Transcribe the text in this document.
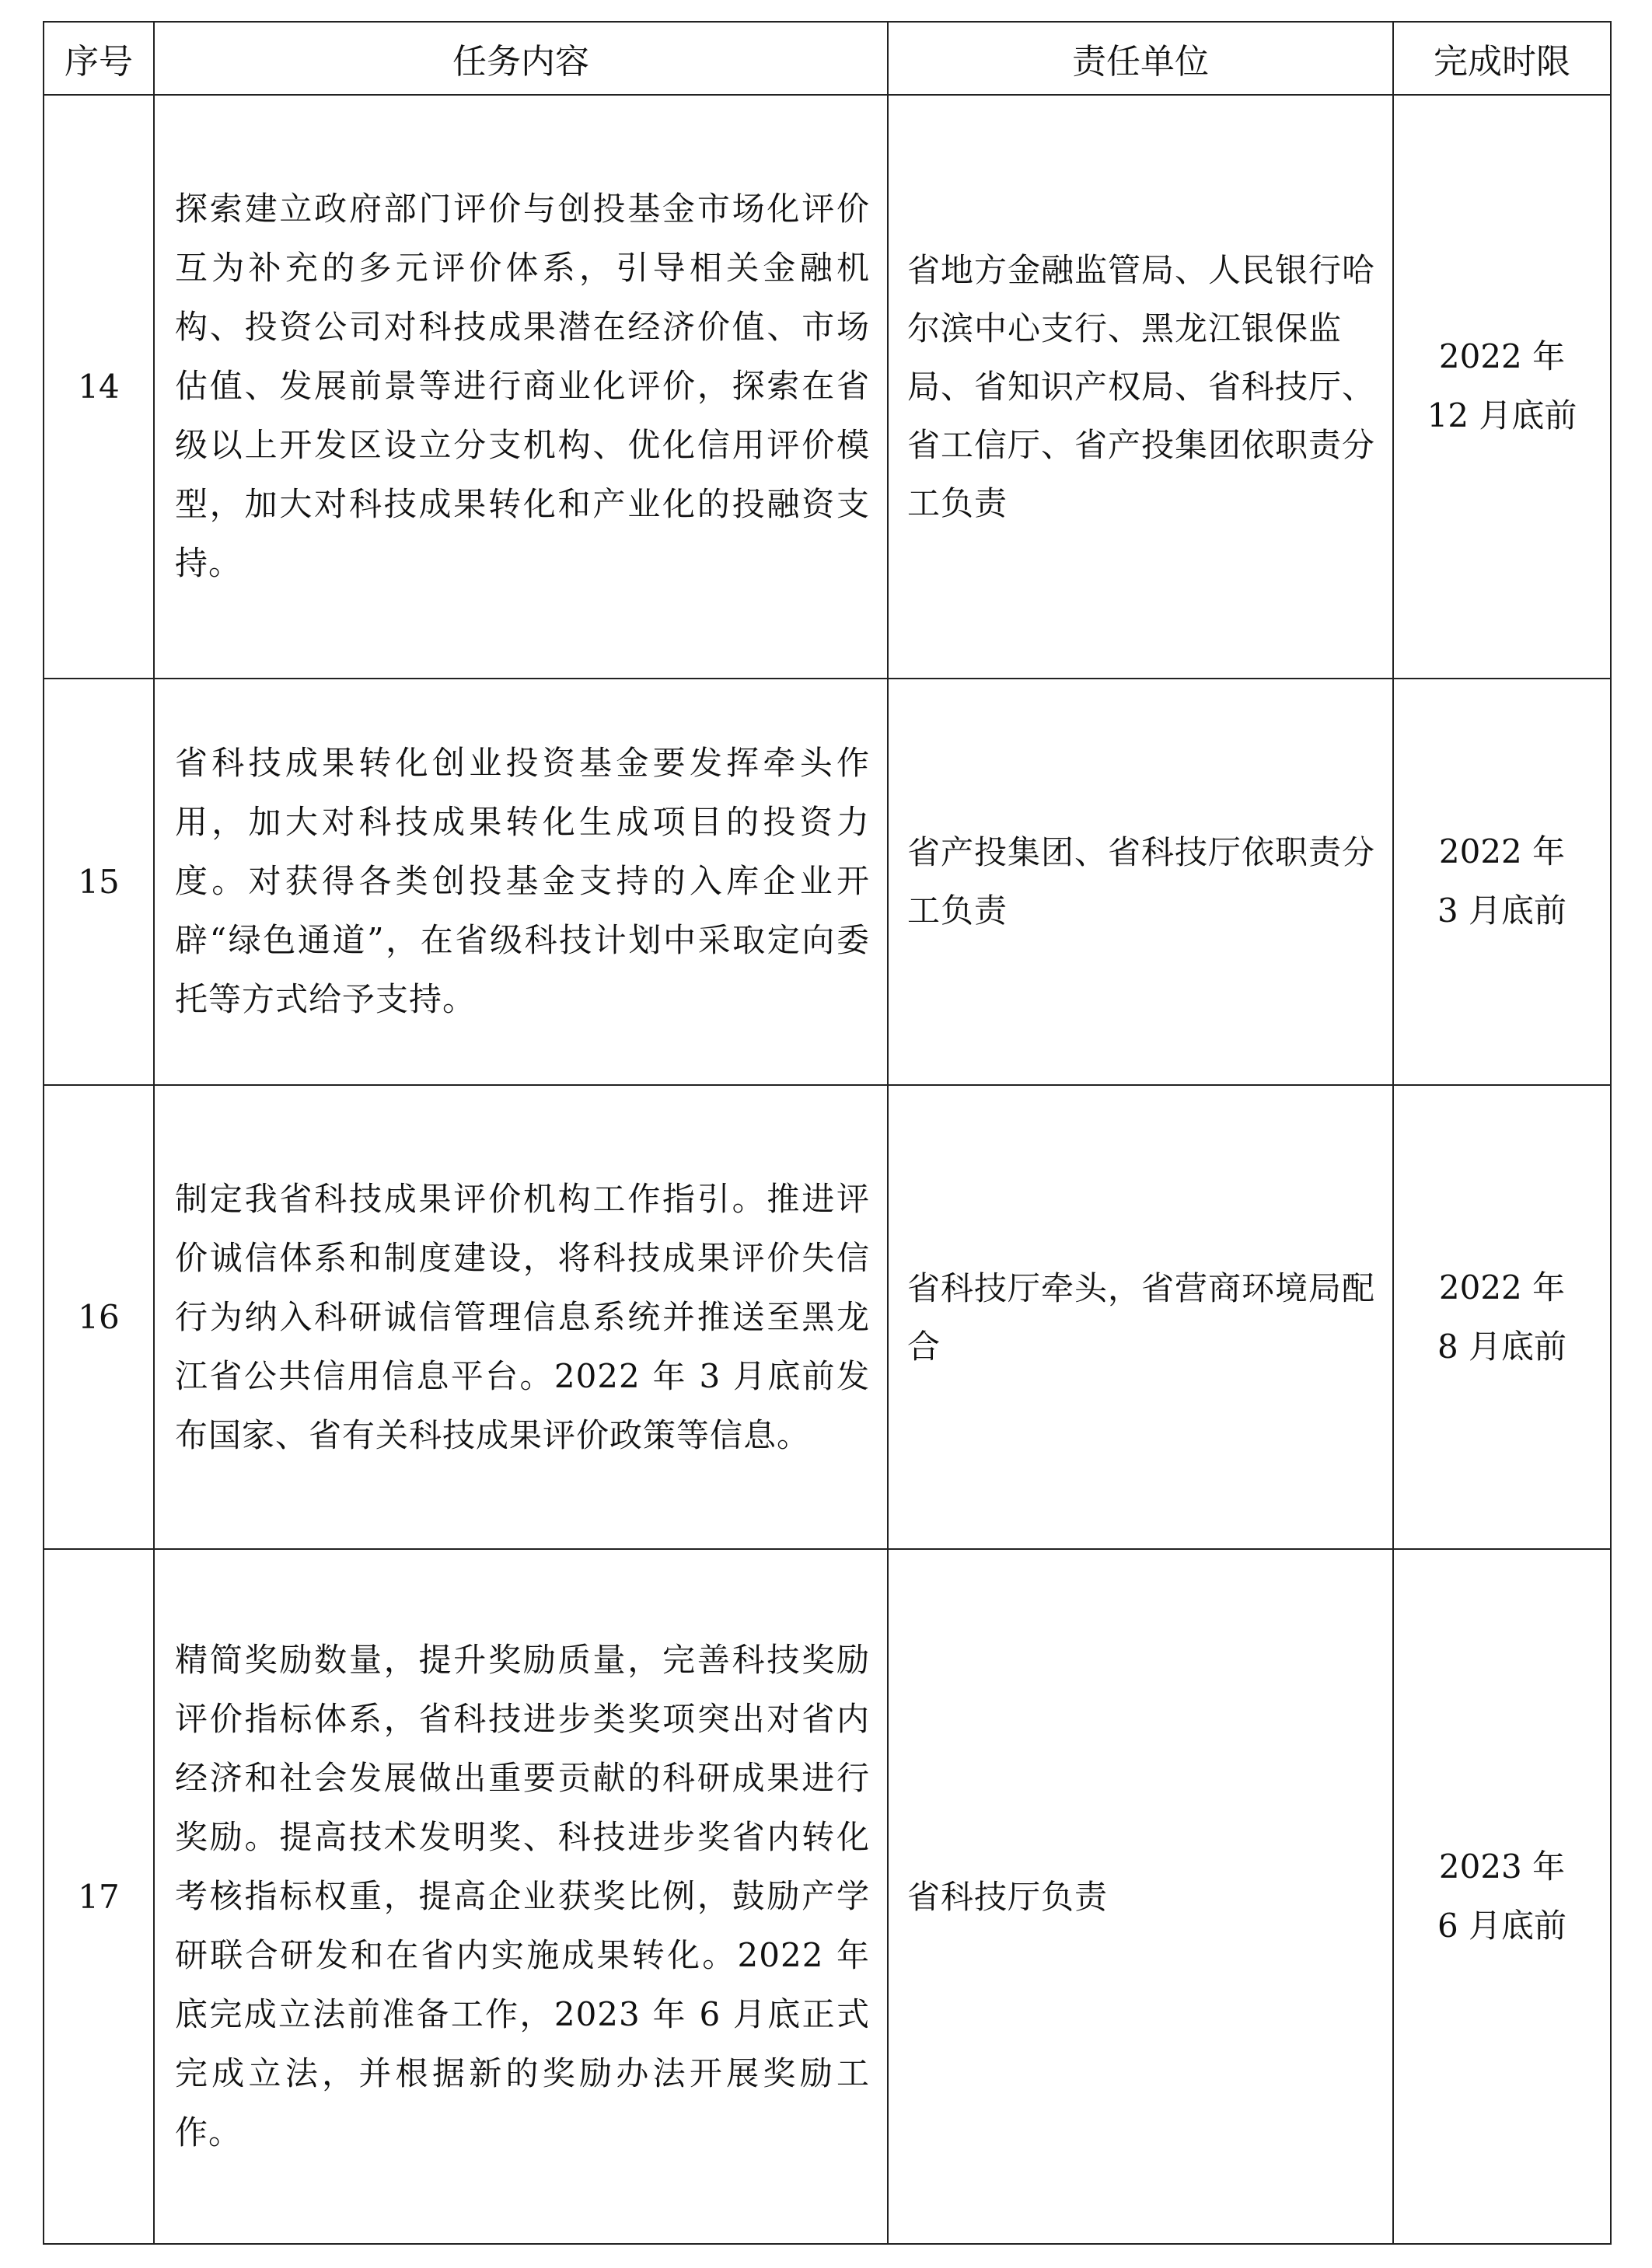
序号	任务内容	责任单位	完成时限
14	探索建立政府部门评价与创投基金市场化评价互为补充的多元评价体系，引导相关金融机构、投资公司对科技成果潜在经济价值、市场估值、发展前景等进行商业化评价，探索在省级以上开发区设立分支机构、优化信用评价模型，加大对科技成果转化和产业化的投融资支持。	省地方金融监管局、人民银行哈尔滨中心支行、黑龙江银保监局、省知识产权局、省科技厅、省工信厅、省产投集团依职责分工负责	2022 年
12 月底前

15	省科技成果转化创业投资基金要发挥牵头作用，加大对科技成果转化生成项目的投资力度。对获得各类创投基金支持的入库企业开辟“绿色通道”，在省级科技计划中采取定向委托等方式给予支持。	省产投集团、省科技厅依职责分工负责	2022 年
3 月底前

16	制定我省科技成果评价机构工作指引。推进评价诚信体系和制度建设，将科技成果评价失信行为纳入科研诚信管理信息系统并推送至黑龙江省公共信用信息平台。2022 年 3 月底前发布国家、省有关科技成果评价政策等信息。	省科技厅牵头，省营商环境局配合	2022 年
8 月底前

17	精简奖励数量，提升奖励质量，完善科技奖励评价指标体系，省科技进步类奖项突出对省内经济和社会发展做出重要贡献的科研成果进行奖励。提高技术发明奖、科技进步奖省内转化考核指标权重，提高企业获奖比例，鼓励产学研联合研发和在省内实施成果转化。2022 年底完成立法前准备工作，2023 年 6 月底正式完成立法，并根据新的奖励办法开展奖励工作。	省科技厅负责	2023 年
6 月底前
